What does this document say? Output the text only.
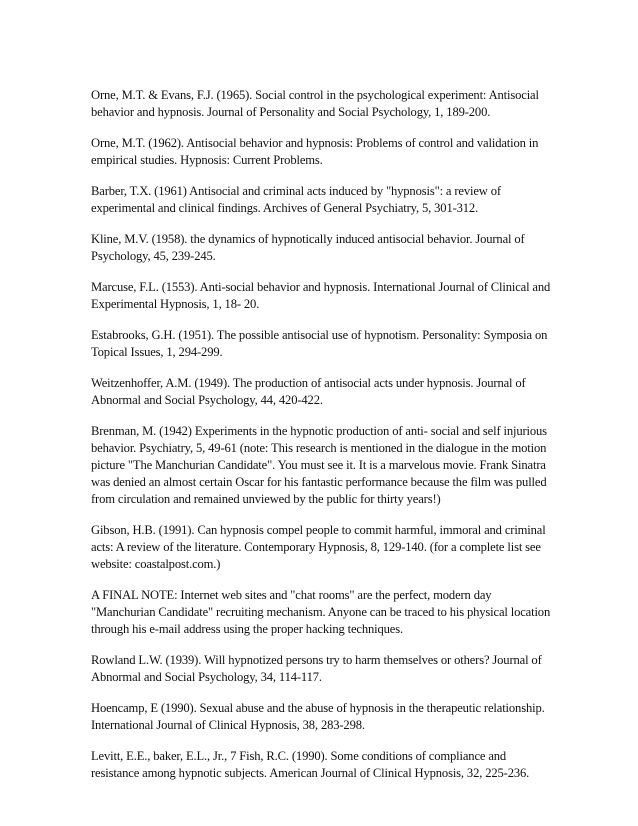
Orne, M.T. & Evans, F.J. (1965). Social control in the psychological experiment: Antisocial behavior and hypnosis. Journal of Personality and Social Psychology, 1, 189-200.

Orne, M.T. (1962). Antisocial behavior and hypnosis: Problems of control and validation in empirical studies. Hypnosis: Current Problems.

Barber, T.X. (1961) Antisocial and criminal acts induced by "hypnosis": a review of experimental and clinical findings. Archives of General Psychiatry, 5, 301-312.

Kline, M.V. (1958). the dynamics of hypnotically induced antisocial behavior. Journal of Psychology, 45, 239-245.

Marcuse, F.L. (1553). Anti-social behavior and hypnosis. International Journal of Clinical and Experimental Hypnosis, 1, 18- 20.

Estabrooks, G.H. (1951). The possible antisocial use of hypnotism. Personality: Symposia on Topical Issues, 1, 294-299.

Weitzenhoffer, A.M. (1949). The production of antisocial acts under hypnosis. Journal of Abnormal and Social Psychology, 44, 420-422.

Brenman, M. (1942) Experiments in the hypnotic production of anti- social and self injurious behavior. Psychiatry, 5, 49-61 (note: This research is mentioned in the dialogue in the motion picture "The Manchurian Candidate". You must see it. It is a marvelous movie. Frank Sinatra was denied an almost certain Oscar for his fantastic performance because the film was pulled from circulation and remained unviewed by the public for thirty years!)

Gibson, H.B. (1991). Can hypnosis compel people to commit harmful, immoral and criminal acts: A review of the literature. Contemporary Hypnosis, 8, 129-140. (for a complete list see website: coastalpost.com.)

A FINAL NOTE: Internet web sites and "chat rooms" are the perfect, modern day "Manchurian Candidate" recruiting mechanism. Anyone can be traced to his physical location through his e-mail address using the proper hacking techniques.

Rowland L.W. (1939). Will hypnotized persons try to harm themselves or others? Journal of Abnormal and Social Psychology, 34, 114-117.

Hoencamp, E (1990). Sexual abuse and the abuse of hypnosis in the therapeutic relationship. International Journal of Clinical Hypnosis, 38, 283-298.

Levitt, E.E., baker, E.L., Jr., 7 Fish, R.C. (1990). Some conditions of compliance and resistance among hypnotic subjects. American Journal of Clinical Hypnosis, 32, 225-236.
